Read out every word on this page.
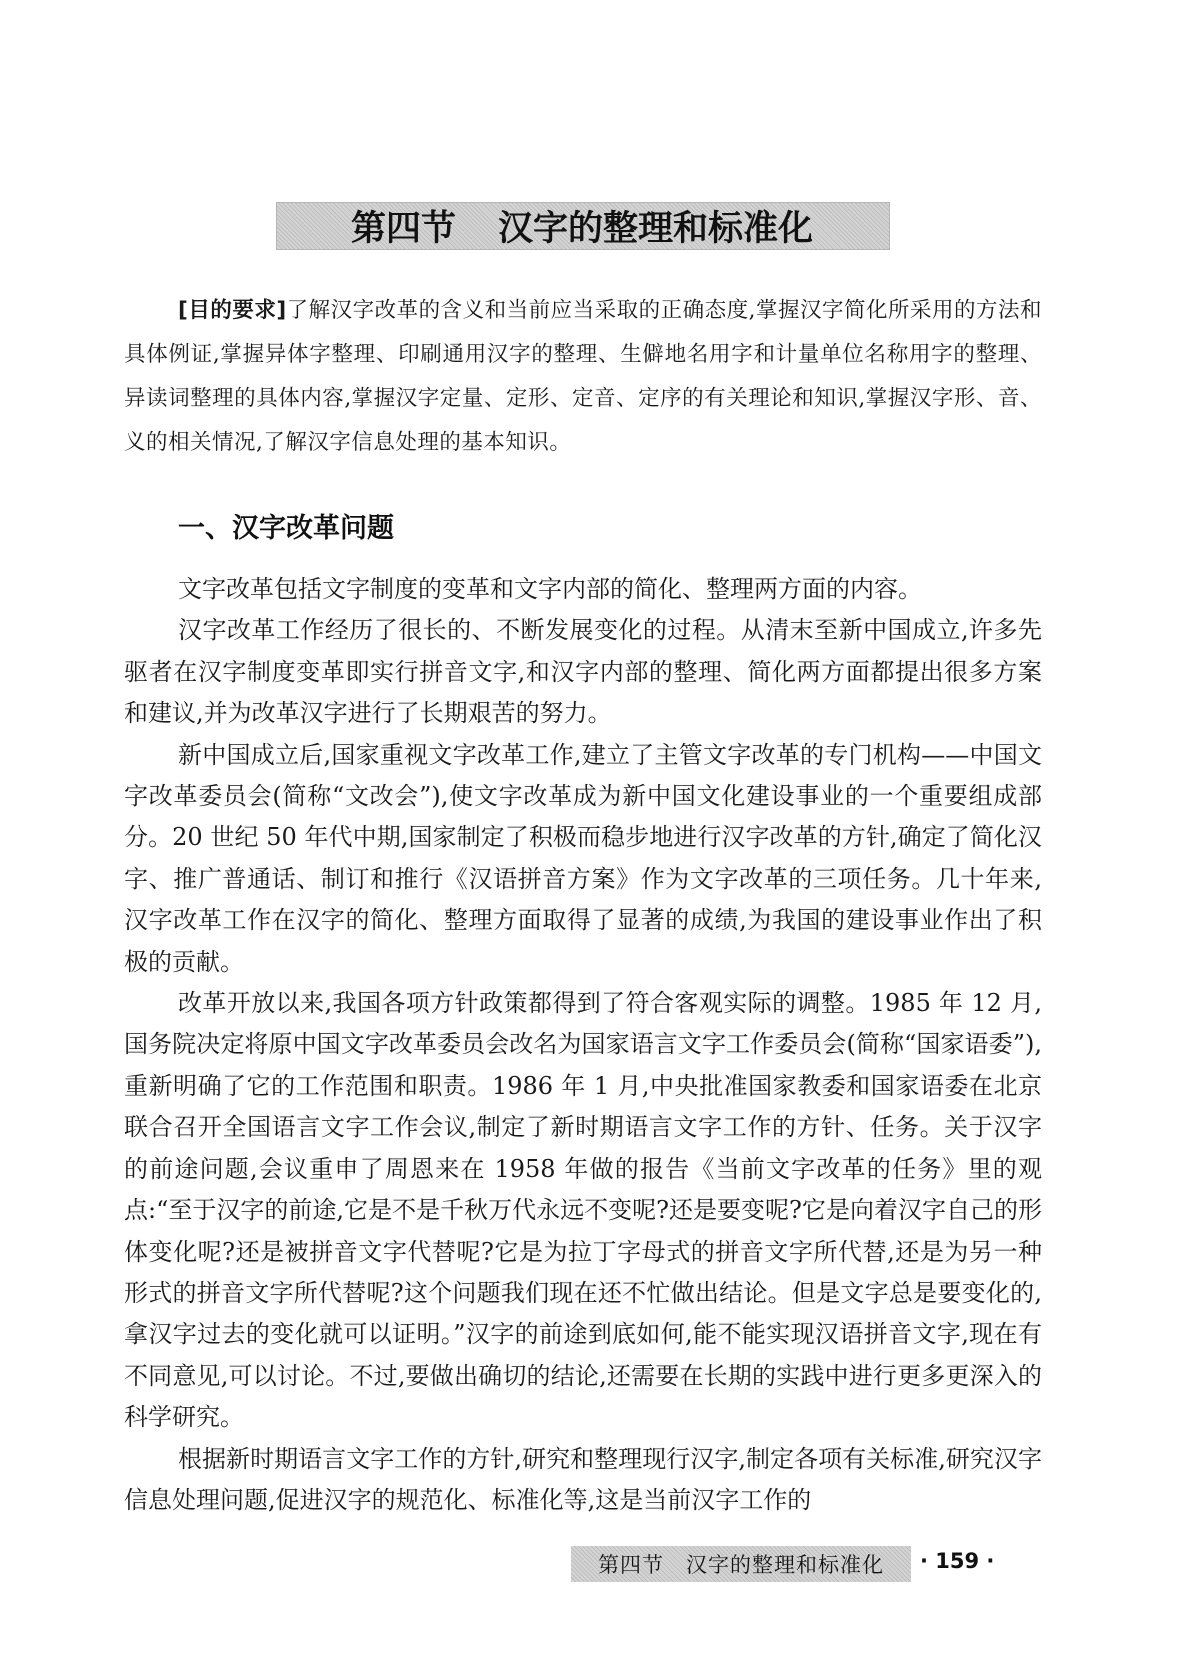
第四节 汉字的整理和标准化

[目的要求]了解汉字改革的含义和当前应当采取的正确态度,掌握汉字简化所采用的方法和具体例证,掌握异体字整理、印刷通用汉字的整理、生僻地名用字和计量单位名称用字的整理、异读词整理的具体内容,掌握汉字定量、定形、定音、定序的有关理论和知识,掌握汉字形、音、义的相关情况,了解汉字信息处理的基本知识。

一、汉字改革问题

文字改革包括文字制度的变革和文字内部的简化、整理两方面的内容。

汉字改革工作经历了很长的、不断发展变化的过程。从清末至新中国成立,许多先驱者在汉字制度变革即实行拼音文字,和汉字内部的整理、简化两方面都提出很多方案和建议,并为改革汉字进行了长期艰苦的努力。

新中国成立后,国家重视文字改革工作,建立了主管文字改革的专门机构——中国文字改革委员会(简称“文改会”),使文字改革成为新中国文化建设事业的一个重要组成部分。20 世纪 50 年代中期,国家制定了积极而稳步地进行汉字改革的方针,确定了简化汉字、推广普通话、制订和推行《汉语拼音方案》作为文字改革的三项任务。几十年来,汉字改革工作在汉字的简化、整理方面取得了显著的成绩,为我国的建设事业作出了积极的贡献。

改革开放以来,我国各项方针政策都得到了符合客观实际的调整。1985 年 12 月,国务院决定将原中国文字改革委员会改名为国家语言文字工作委员会(简称“国家语委”),重新明确了它的工作范围和职责。1986 年 1 月,中央批准国家教委和国家语委在北京联合召开全国语言文字工作会议,制定了新时期语言文字工作的方针、任务。关于汉字的前途问题,会议重申了周恩来在 1958 年做的报告《当前文字改革的任务》里的观点:“至于汉字的前途,它是不是千秋万代永远不变呢?还是要变呢?它是向着汉字自己的形体变化呢?还是被拼音文字代替呢?它是为拉丁字母式的拼音文字所代替,还是为另一种形式的拼音文字所代替呢?这个问题我们现在还不忙做出结论。但是文字总是要变化的,拿汉字过去的变化就可以证明。”汉字的前途到底如何,能不能实现汉语拼音文字,现在有不同意见,可以讨论。不过,要做出确切的结论,还需要在长期的实践中进行更多更深入的科学研究。

根据新时期语言文字工作的方针,研究和整理现行汉字,制定各项有关标准,研究汉字信息处理问题,促进汉字的规范化、标准化等,这是当前汉字工作的

第四节　汉字的整理和标准化	· 159 ·
